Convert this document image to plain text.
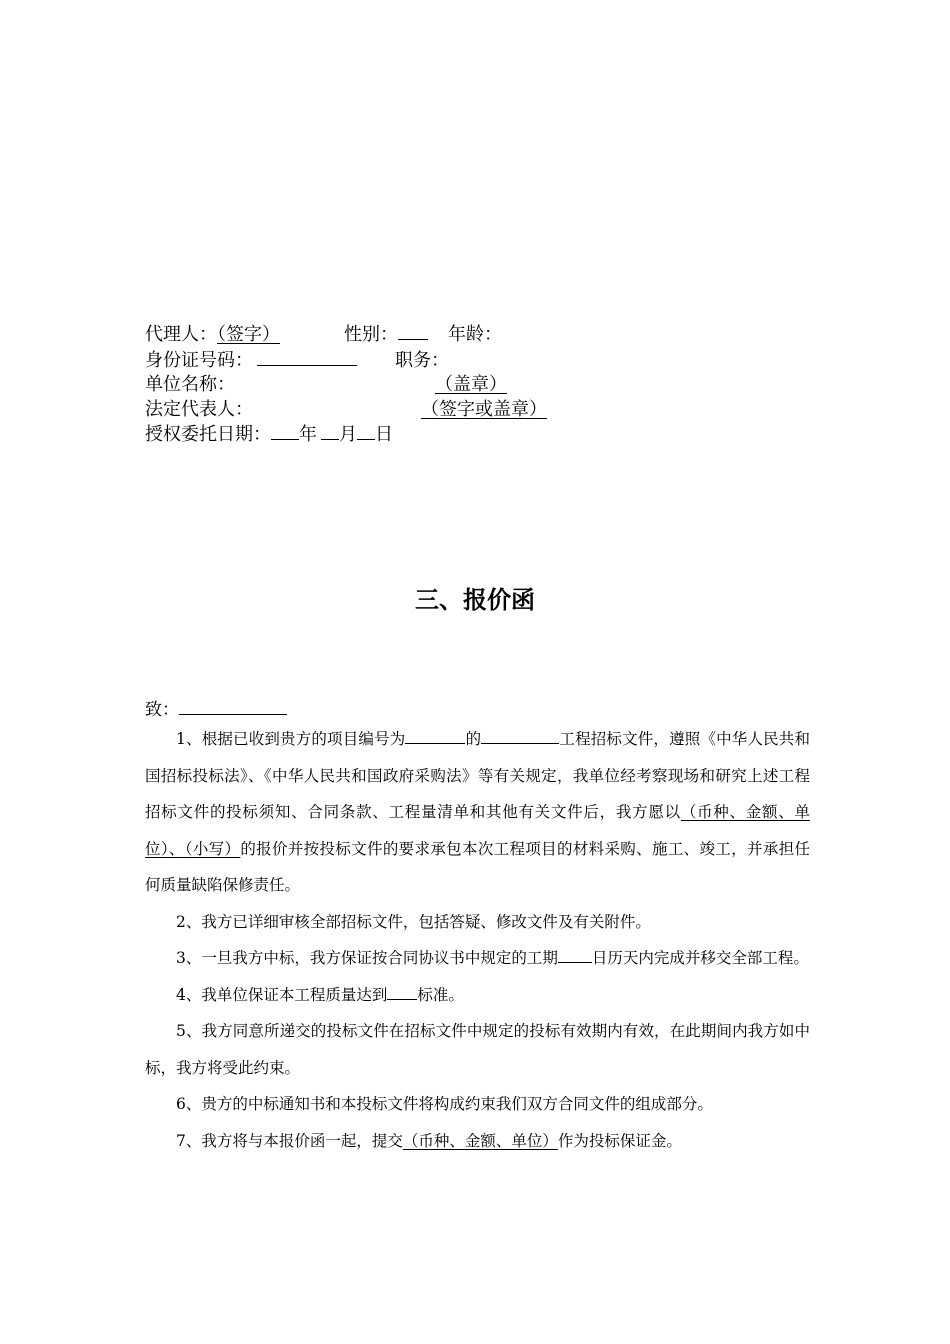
代理人：（签字）	性别：	年龄：
身份证号码：	职务：
单位名称：	（盖章）
法定代表人：	（签字或盖章）
授权委托日期： 年 月 日
三、报价函
致：

1、根据已收到贵方的项目编号为	的	工程招标文件，遵照《中华人民共和国招标投标法》、《中华人民共和国政府采购法》等有关规定，我单位经考察现场和研究上述工程招标文件的投标须知、合同条款、工程量清单和其他有关文件后，我方愿以（币种、金额、单位）、（小写）的报价并按投标文件的要求承包本次工程项目的材料采购、施工、竣工，并承担任何质量缺陷保修责任。

2、我方已详细审核全部招标文件，包括答疑、修改文件及有关附件。

3、一旦我方中标，我方保证按合同协议书中规定的工期 日历天内完成并移交全部工程。

4、我单位保证本工程质量达到 标准。

5、我方同意所递交的投标文件在招标文件中规定的投标有效期内有效，在此期间内我方如中标，我方将受此约束。

6、贵方的中标通知书和本投标文件将构成约束我们双方合同文件的组成部分。

7、我方将与本报价函一起，提交（币种、金额、单位）作为投标保证金。
